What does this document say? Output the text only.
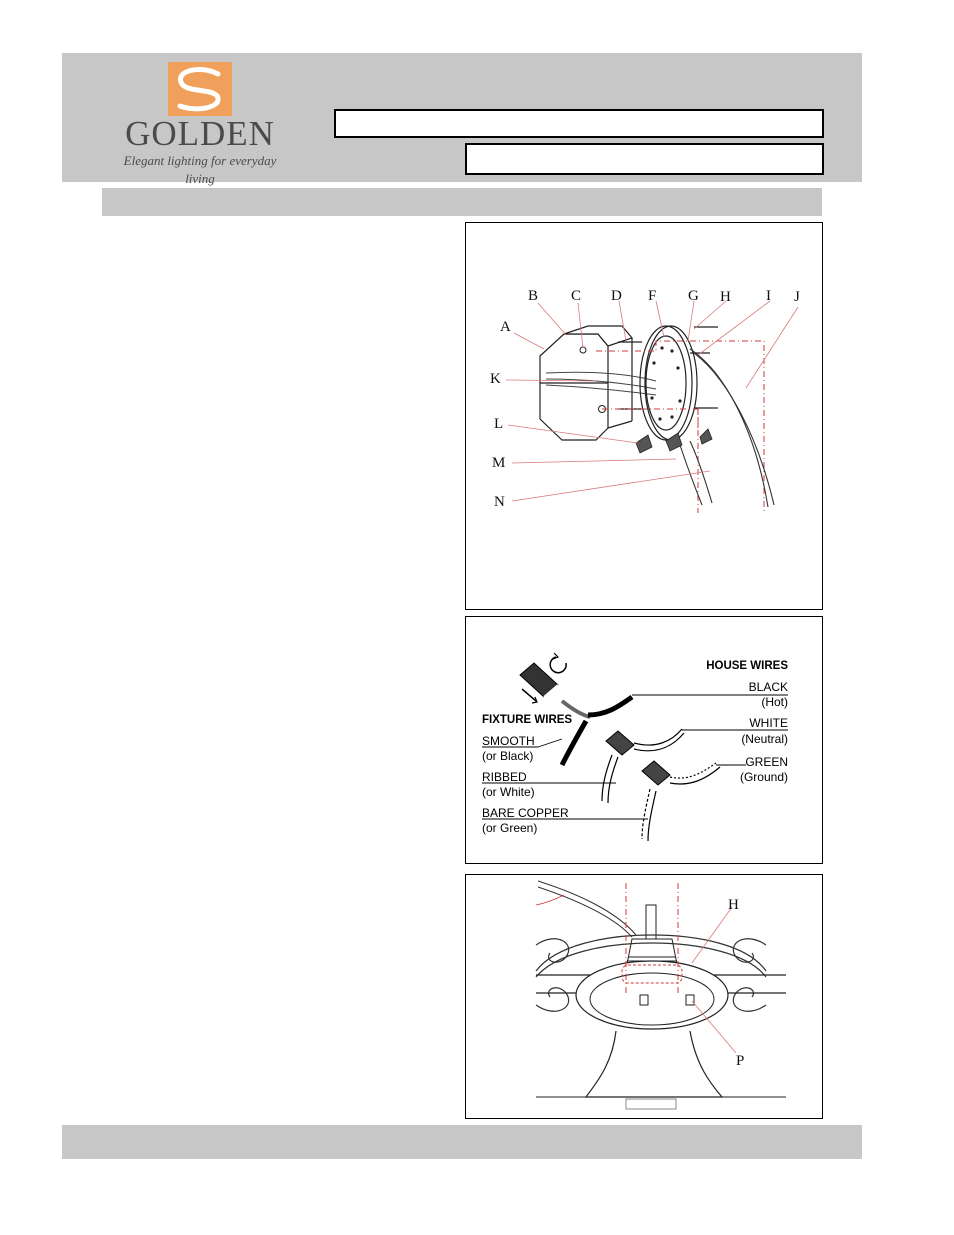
GOLDEN
Elegant lighting for everyday living
A
B C D F G H I J
K
L
M
N
HOUSE WIRES
BLACK
(Hot)
WHITE
(Neutral)
GREEN
(Ground)
FIXTURE WIRES
SMOOTH
(or Black)
RIBBED
(or White)
BARE COPPER
(or Green)
H
P
